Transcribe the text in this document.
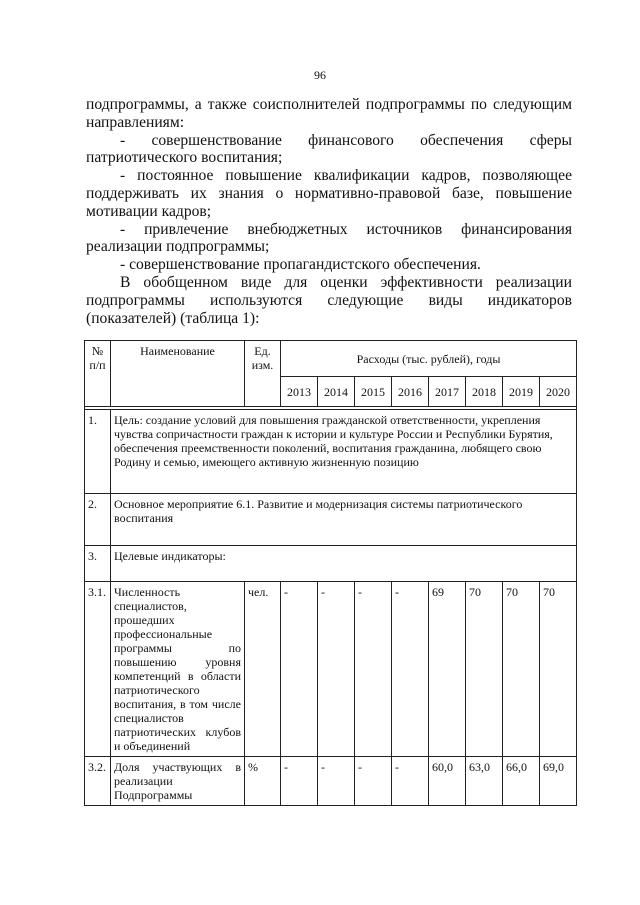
96

подпрограммы, а также соисполнителей подпрограммы по следующим направлениям:

- совершенствование финансового обеспечения сферы патриотического воспитания;

- постоянное повышение квалификации кадров, позволяющее поддерживать их знания о нормативно-правовой базе, повышение мотивации кадров;

- привлечение внебюджетных источников финансирования реализации подпрограммы;

- совершенствование пропагандистского обеспечения.

В обобщенном виде для оценки эффективности реализации подпрограммы используются следующие виды индикаторов (показателей) (таблица 1):

№ п/п	Наименование	Ед. изм.	Расходы (тыс. рублей), годы							
			2013	2014	2015	2016	2017	2018	2019	2020

1.	Цель: создание условий для повышения гражданской ответственности, укрепления чувства сопричастности граждан к истории и культуре России и Республики Бурятия, обеспечения преемственности поколений, воспитания гражданина, любящего свою Родину и семью, имеющего активную жизненную позицию									
2.	Основное мероприятие 6.1. Развитие и модернизация системы патриотического воспитания									
3.	Целевые индикаторы:									
3.1.	Численность специалистов, прошедших профессиональные программы по повышению уровня компетенций в области патриотического воспитания, в том числе специалистов патриотических клубов и объединений	чел.	-	-	-	-	69	70	70	70
3.2.	Доля участвующих в реализации Подпрограммы	%	-	-	-	-	60,0	63,0	66,0	69,0
